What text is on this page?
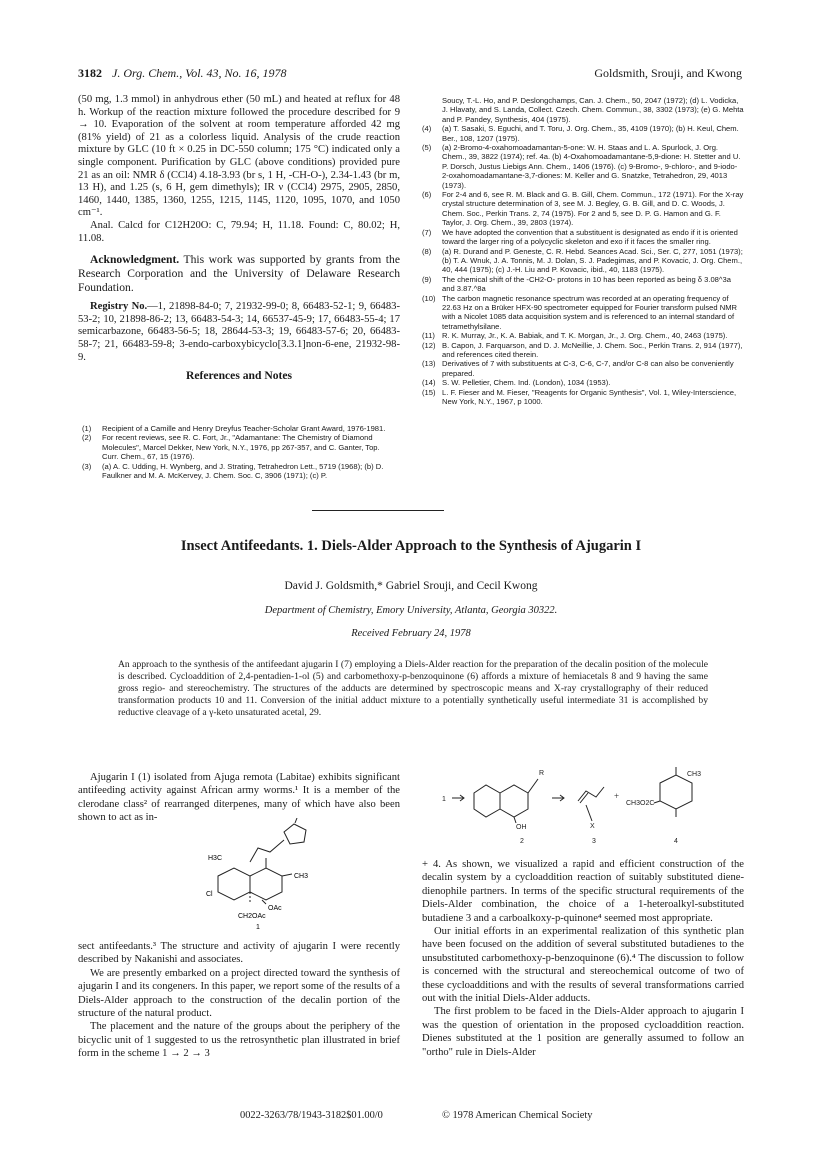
3182 J. Org. Chem., Vol. 43, No. 16, 1978	Goldsmith, Srouji, and Kwong

(50 mg, 1.3 mmol) in anhydrous ether (50 mL) and heated at reflux for 48 h. Workup of the reaction mixture followed the procedure described for 9 → 10. Evaporation of the solvent at room temperature afforded 42 mg (81% yield) of 21 as a colorless liquid. Analysis of the crude reaction mixture by GLC (10 ft × 0.25 in DC-550 column; 175 °C) indicated only a single component. Purification by GLC (above conditions) provided pure 21 as an oil: NMR δ (CCl4) 4.18-3.93 (br s, 1 H, -CH-O-), 2.34-1.43 (br m, 13 H), and 1.25 (s, 6 H, gem dimethyls); IR ν (CCl4) 2975, 2905, 2850, 1460, 1440, 1385, 1360, 1255, 1215, 1145, 1120, 1095, 1070, and 1050 cm⁻¹.

Anal. Calcd for C12H20O: C, 79.94; H, 11.18. Found: C, 80.02; H, 11.08.

Acknowledgment. This work was supported by grants from the Research Corporation and the University of Delaware Research Foundation.

Registry No.—1, 21898-84-0; 7, 21932-99-0; 8, 66483-52-1; 9, 66483-53-2; 10, 21898-86-2; 13, 66483-54-3; 14, 66537-45-9; 17, 66483-55-4; 17 semicarbazone, 66483-56-5; 18, 28644-53-3; 19, 66483-57-6; 20, 66483-58-7; 21, 66483-59-8; 3-endo-carboxybicyclo[3.3.1]non-6-ene, 21932-98-9.

References and Notes

(1)	Recipient of a Camille and Henry Dreyfus Teacher-Scholar Grant Award, 1976-1981.
(2)	For recent reviews, see R. C. Fort, Jr., "Adamantane: The Chemistry of Diamond Molecules", Marcel Dekker, New York, N.Y., 1976, pp 267-357, and C. Ganter, Top. Curr. Chem., 67, 15 (1976).
(3)	(a) A. C. Udding, H. Wynberg, and J. Strating, Tetrahedron Lett., 5719 (1968); (b) D. Faulkner and M. A. McKervey, J. Chem. Soc. C, 3906 (1971); (c) P.
Soucy, T.-L. Ho, and P. Deslongchamps, Can. J. Chem., 50, 2047 (1972); (d) L. Vodicka, J. Hlavaty, and S. Landa, Collect. Czech. Chem. Commun., 38, 3302 (1973); (e) G. Mehta and P. Pandey, Synthesis, 404 (1975).
(4)	(a) T. Sasaki, S. Eguchi, and T. Toru, J. Org. Chem., 35, 4109 (1970); (b) H. Keul, Chem. Ber., 108, 1207 (1975).
(5)	(a) 2-Bromo-4-oxahomoadamantan-5-one: W. H. Staas and L. A. Spurlock, J. Org. Chem., 39, 3822 (1974); ref. 4a. (b) 4-Oxahomoadamantane-5,9-dione: H. Stetter and U. P. Dorsch, Justus Liebigs Ann. Chem., 1406 (1976). (c) 9-Bromo-, 9-chloro-, and 9-iodo-2-oxahomoadamantane-3,7-diones: M. Keller and G. Snatzke, Tetrahedron, 29, 4013 (1973).
(6)	For 2-4 and 6, see R. M. Black and G. B. Gill, Chem. Commun., 172 (1971). For the X-ray crystal structure determination of 3, see M. J. Begley, G. B. Gill, and D. C. Woods, J. Chem. Soc., Perkin Trans. 2, 74 (1975). For 2 and 5, see D. P. G. Hamon and G. F. Taylor, J. Org. Chem., 39, 2803 (1974).
(7)	We have adopted the convention that a substituent is designated as endo if it is oriented toward the larger ring of a polycyclic skeleton and exo if it faces the smaller ring.
(8)	(a) R. Durand and P. Geneste, C. R. Hebd. Seances Acad. Sci., Ser. C, 277, 1051 (1973); (b) T. A. Wnuk, J. A. Tonnis, M. J. Dolan, S. J. Padegimas, and P. Kovacic, J. Org. Chem., 40, 444 (1975); (c) J.-H. Liu and P. Kovacic, ibid., 40, 1183 (1975).
(9)	The chemical shift of the -CH2-O- protons in 10 has been reported as being δ 3.08^3a and 3.87.^8a
(10) The carbon magnetic resonance spectrum was recorded at an operating frequency of 22.63 Hz on a Brüker HFX-90 spectrometer equipped for Fourier transform pulsed NMR with a Nicolet 1085 data acquisition system and is referenced to an internal standard of tetramethylsilane.
(11) R. K. Murray, Jr., K. A. Babiak, and T. K. Morgan, Jr., J. Org. Chem., 40, 2463 (1975).
(12) B. Capon, J. Farquarson, and D. J. McNeillie, J. Chem. Soc., Perkin Trans. 2, 914 (1977), and references cited therein.
(13) Derivatives of 7 with substituents at C-3, C-6, C-7, and/or C-8 can also be conveniently prepared.
(14) S. W. Pelletier, Chem. Ind. (London), 1034 (1953).
(15) L. F. Fieser and M. Fieser, "Reagents for Organic Synthesis", Vol. 1, Wiley-Interscience, New York, N.Y., 1967, p 1000.
Insect Antifeedants. 1. Diels-Alder Approach to the Synthesis of Ajugarin I
David J. Goldsmith,* Gabriel Srouji, and Cecil Kwong
Department of Chemistry, Emory University, Atlanta, Georgia 30322.
Received February 24, 1978
An approach to the synthesis of the antifeedant ajugarin I (7) employing a Diels-Alder reaction for the preparation of the decalin position of the molecule is described. Cycloaddition of 2,4-pentadien-1-ol (5) and carbomethoxy-p-benzoquinone (6) affords a mixture of hemiacetals 8 and 9 having the same gross regio- and stereochemistry. The structures of the adducts are determined by spectroscopic means and X-ray crystallography of their reduced transformation products 10 and 11. Conversion of the initial adduct mixture to a potentially synthetically useful intermediate 31 is accomplished by reductive cleavage of a γ-keto unsaturated acetal, 29.

Ajugarin I (1) isolated from Ajuga remota (Labitae) exhibits significant antifeeding activity against African army worms.¹ It is a member of the clerodane class² of rearranged diterpenes, many of which have also been shown to act as in-

H3C
CH3
OAc
Cl
CH2OAc
1

sect antifeedants.³ The structure and activity of ajugarin I were recently described by Nakanishi and associates.

We are presently embarked on a project directed toward the synthesis of ajugarin I and its congeners. In this paper, we report some of the results of a Diels-Alder approach to the construction of the decalin portion of the structure of the natural product.

The placement and the nature of the groups about the periphery of the bicyclic unit of 1 suggested to us the retrosynthetic plan illustrated in brief form in the scheme 1 → 2 → 3

1
R
OH	X
CH3O2C
CH3
2	3	4
+

+ 4. As shown, we visualized a rapid and efficient construction of the decalin system by a cycloaddition reaction of suitably substituted diene-dienophile partners. In terms of the specific structural requirements of the Diels-Alder combination, the choice of a 1-heteroalkyl-substituted butadiene 3 and a carboalkoxy-p-quinone⁴ seemed most appropriate.

Our initial efforts in an experimental realization of this synthetic plan have been focused on the addition of several substituted butadienes to the unsubstituted carbomethoxy-p-benzoquinone (6).⁴ The discussion to follow is concerned with the structural and stereochemical outcome of two of these cycloadditions and with the results of several transformations carried out with the initial Diels-Alder adducts.

The first problem to be faced in the Diels-Alder approach to ajugarin I was the question of orientation in the proposed cycloaddition reaction. Dienes substituted at the 1 position are generally assumed to follow an "ortho" rule in Diels-Alder

0022-3263/78/1943-3182$01.00/0	© 1978 American Chemical Society
